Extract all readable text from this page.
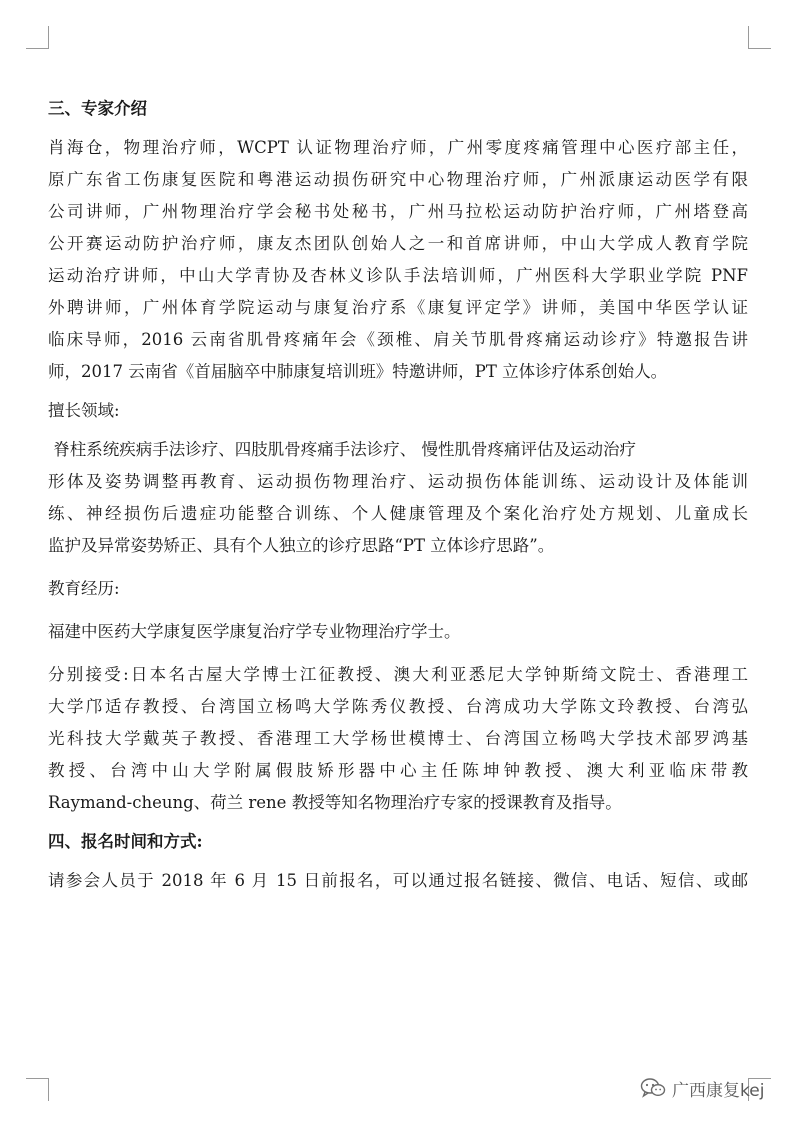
三、专家介绍
肖海仓，物理治疗师，WCPT 认证物理治疗师，广州零度疼痛管理中心医疗部主任，
原广东省工伤康复医院和粤港运动损伤研究中心物理治疗师，广州派康运动医学有限
公司讲师，广州物理治疗学会秘书处秘书，广州马拉松运动防护治疗师，广州塔登高
公开赛运动防护治疗师，康友杰团队创始人之一和首席讲师，中山大学成人教育学院
运动治疗讲师，中山大学青协及杏林义诊队手法培训师，广州医科大学职业学院 PNF
外聘讲师，广州体育学院运动与康复治疗系《康复评定学》讲师，美国中华医学认证
临床导师，2016 云南省肌骨疼痛年会《颈椎、肩关节肌骨疼痛运动诊疗》特邀报告讲
师，2017 云南省《首届脑卒中肺康复培训班》特邀讲师，PT 立体诊疗体系创始人。
擅长领域:
脊柱系统疾病手法诊疗、四肢肌骨疼痛手法诊疗、 慢性肌骨疼痛评估及运动治疗
形体及姿势调整再教育、运动损伤物理治疗、运动损伤体能训练、运动设计及体能训
练、神经损伤后遗症功能整合训练、个人健康管理及个案化治疗处方规划、儿童成长
监护及异常姿势矫正、具有个人独立的诊疗思路“PT 立体诊疗思路”。
教育经历:
福建中医药大学康复医学康复治疗学专业物理治疗学士。
分别接受:日本名古屋大学博士江征教授、澳大利亚悉尼大学钟斯绮文院士、香港理工
大学邝适存教授、台湾国立杨鸣大学陈秀仪教授、台湾成功大学陈文玲教授、台湾弘
光科技大学戴英子教授、香港理工大学杨世模博士、台湾国立杨鸣大学技术部罗鸿基
教授、台湾中山大学附属假肢矫形器中心主任陈坤钟教授、澳大利亚临床带教
Raymand-cheung、荷兰 rene 教授等知名物理治疗专家的授课教育及指导。
四、报名时间和方式:
请参会人员于 2018 年 6 月 15 日前报名，可以通过报名链接、微信、电话、短信、或邮
广西康复kej
